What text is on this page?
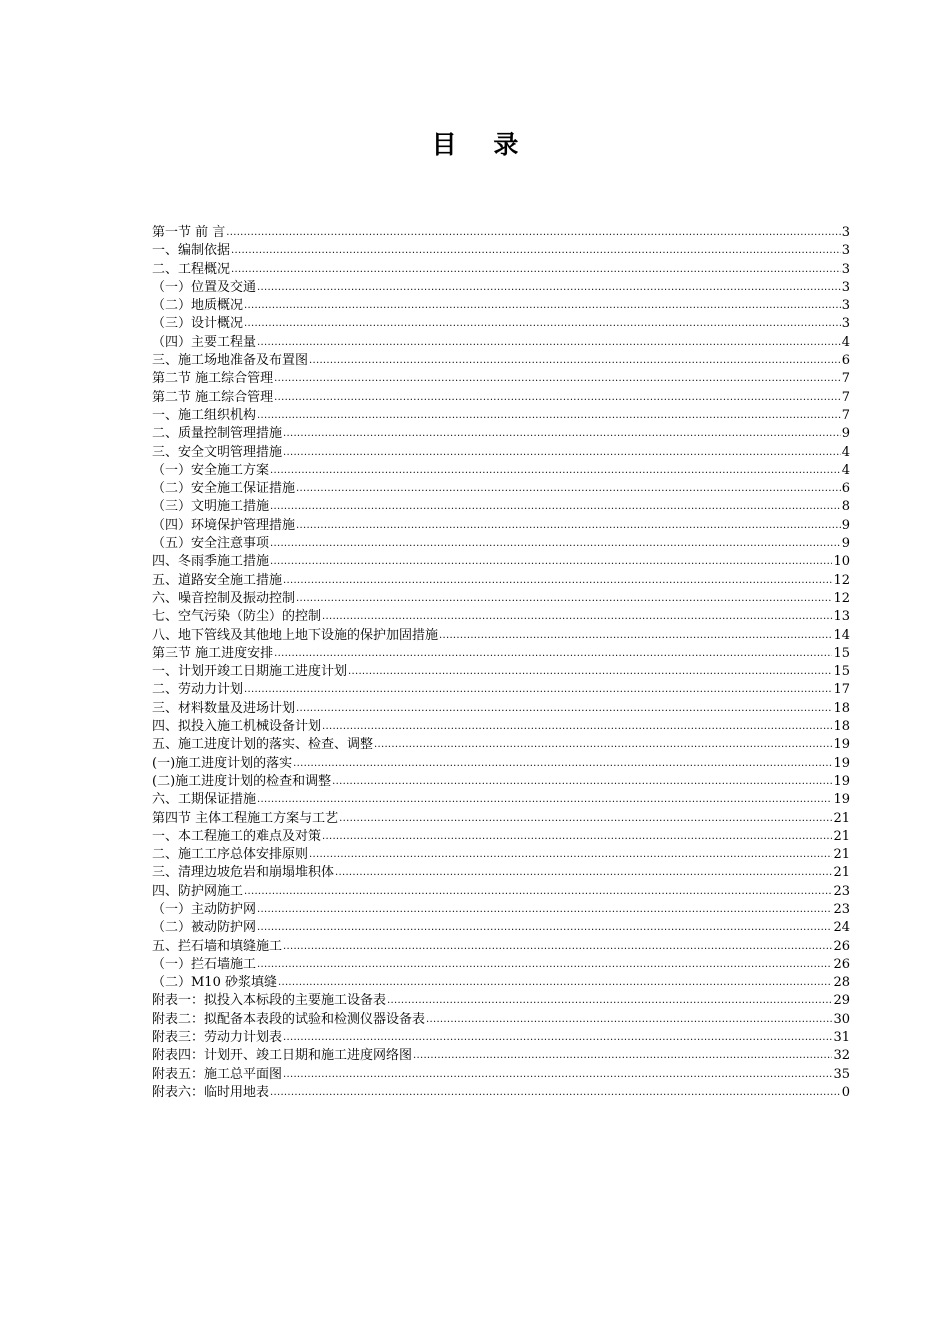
目 录
第一节 前 言 .....	3
一、编制依据 .....	3
二、工程概况 .....	3
（一）位置及交通 .....	3
（二）地质概况 .....	3
（三）设计概况 .....	3
（四）主要工程量 .....	4
三、施工场地准备及布置图 .....	6
第二节 施工综合管理 .....	7
第二节 施工综合管理 .....	7
一、施工组织机构 .....	7
二、质量控制管理措施 .....	9
三、安全文明管理措施 .....	4
（一）安全施工方案 .....	4
（二）安全施工保证措施 .....	6
（三）文明施工措施 .....	8
（四）环境保护管理措施 .....	9
（五）安全注意事项 .....	9
四、冬雨季施工措施 .....	10
五、道路安全施工措施 .....	12
六、噪音控制及振动控制 .....	12
七、空气污染（防尘）的控制 .....	13
八、地下管线及其他地上地下设施的保护加固措施 .....	14
第三节 施工进度安排 .....	15
一、计划开竣工日期施工进度计划 .....	15
二、劳动力计划 .....	17
三、材料数量及进场计划 .....	18
四、拟投入施工机械设备计划 .....	18
五、施工进度计划的落实、检查、调整 .....	19
(一)施工进度计划的落实 .....	19
(二)施工进度计划的检查和调整 .....	19
六、工期保证措施 .....	19
第四节 主体工程施工方案与工艺 .....	21
一、本工程施工的难点及对策 .....	21
二、施工工序总体安排原则 .....	21
三、清理边坡危岩和崩塌堆积体 .....	21
四、防护网施工 .....	23
（一）主动防护网 .....	23
（二）被动防护网 .....	24
五、拦石墙和填缝施工 .....	26
（一）拦石墙施工 .....	26
（二）M10 砂浆填缝 .....	28
附表一：拟投入本标段的主要施工设备表 .....	29
附表二：拟配备本表段的试验和检测仪器设备表 .....	30
附表三：劳动力计划表 .....	31
附表四：计划开、竣工日期和施工进度网络图 .....	32
附表五：施工总平面图 .....	35
附表六：临时用地表 .....	0
